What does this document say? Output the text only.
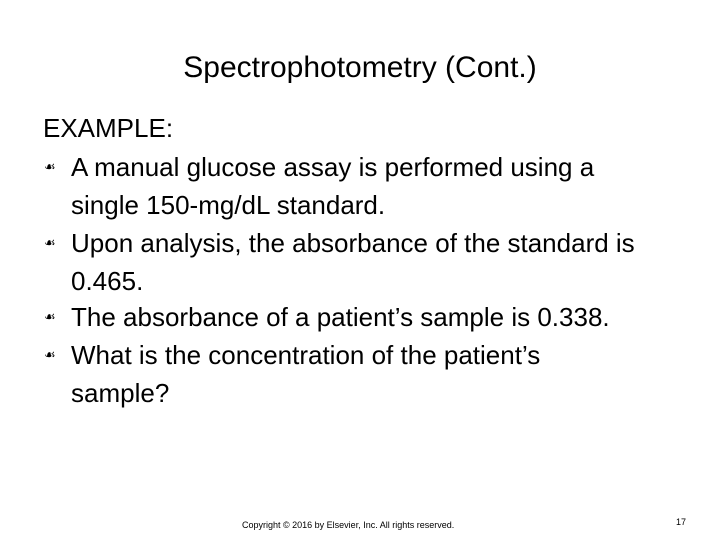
Spectrophotometry (Cont.)
EXAMPLE:
☙ A manual glucose assay is performed using a
single 150-mg/dL standard.
☙ Upon analysis, the absorbance of the standard is
0.465.
☙ The absorbance of a patient’s sample is 0.338.
☙ What is the concentration of the patient’s
sample?
Copyright © 2016 by Elsevier, Inc. All rights reserved.	17
